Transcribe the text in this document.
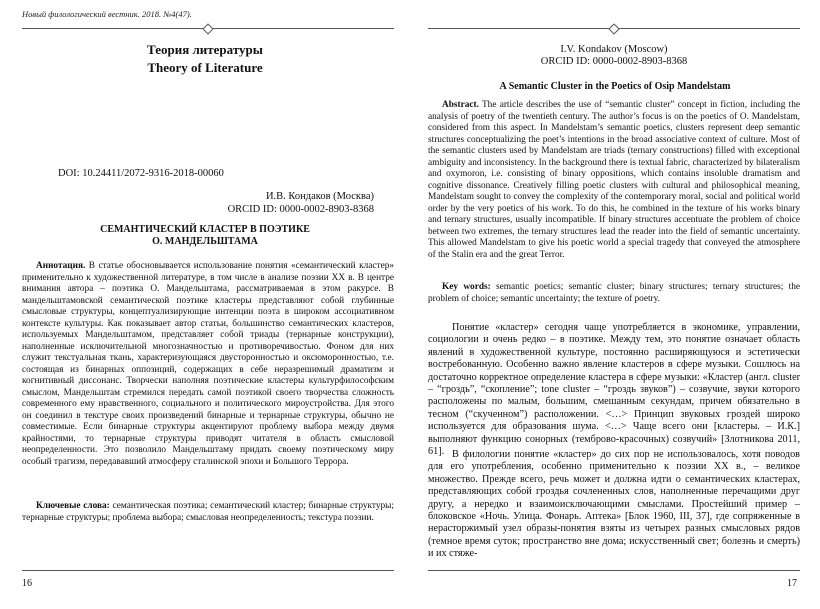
Новый филологический вестник. 2018. №4(47).
Теория литературы
Theory of Literature
DOI: 10.24411/2072-9316-2018-00060
И.В. Кондаков (Москва)
ORCID ID: 0000-0002-8903-8368
СЕМАНТИЧЕСКИЙ КЛАСТЕР В ПОЭТИКЕ
О. МАНДЕЛЬШТАМА
Аннотация. В статье обосновывается использование понятия «семантический кластер» применительно к художественной литературе, в том числе в анализе поэзии XX в. В центре внимания автора – поэтика О. Мандельштама, рассматриваемая в этом ракурсе. В мандельштамовской семантической поэтике кластеры представляют собой глубинные смысловые структуры, концептуализирующие интенции поэта в широком ассоциативном контексте культуры. Как показывает автор статьи, большинство семантических кластеров, используемых Мандельштамом, представляет собой триады (тернарные конструкции), наполненные исключительной многозначностью и противоречивостью. Фоном для них служит текстуальная ткань, характеризующаяся двусторонностью и оксюморонностью, т.е. состоящая из бинарных оппозиций, содержащих в себе неразрешимый драматизм и когнитивный диссонанс. Творчески наполняя поэтические кластеры культурфилософским смыслом, Мандельштам стремился передать самой поэтикой своего творчества сложность современного ему нравственного, социального и политического мироустройства. Для этого он соединил в текстуре своих произведений бинарные и тернарные структуры, обычно не совместимые. Если бинарные структуры акцентируют проблему выбора между двумя крайностями, то тернарные структуры приводят читателя в область смысловой неопределенности. Это позволило Мандельштаму придать своему поэтическому миру особый трагизм, передававший атмосферу сталинской эпохи и Большого Террора.
Ключевые слова: семантическая поэтика; семантический кластер; бинарные структуры; тернарные структуры; проблема выбора; смысловая неопределенность; текстура поэзии.
16
I.V. Kondakov (Moscow)
ORCID ID: 0000-0002-8903-8368
A Semantic Cluster in the Poetics of Osip Mandelstam
Abstract. The article describes the use of “semantic cluster” concept in fiction, including the analysis of poetry of the twentieth century. The author’s focus is on the poetics of O. Mandelstam, considered from this aspect. In Mandelstam’s semantic poetics, clusters represent deep semantic structures conceptualizing the poet’s intentions in the broad associative context of culture. Most of the semantic clusters used by Mandelstam are triads (ternary constructions) filled with exceptional ambiguity and inconsistency. In the background there is textual fabric, characterized by bilateralism and oxymoron, i.e. consisting of binary oppositions, which contains insoluble dramatism and cognitive dissonance. Creatively filling poetic clusters with cultural and philosophical meaning, Mandelstam sought to convey the complexity of the contemporary moral, social and political world order by the very poetics of his work. To do this, he combined in the texture of his works binary and ternary structures, usually incompatible. If binary structures accentuate the problem of choice between two extremes, the ternary structures lead the reader into the field of semantic uncertainty. This allowed Mandelstam to give his poetic world a special tragedy that conveyed the atmosphere of the Stalin era and the great Terror.
Key words: semantic poetics; semantic cluster; binary structures; ternary structures; the problem of choice; semantic uncertainty; the texture of poetry.
Понятие «кластер» сегодня чаще употребляется в экономике, управлении, социологии и очень редко – в поэтике. Между тем, это понятие означает область явлений в художественной культуре, постоянно расширяющуюся и эстетически востребованную. Особенно важно явление кластеров в сфере музыки. Сошлюсь на достаточно корректное определение кластера в сфере музыки: «Кластер (англ. cluster – “гроздь”, “скопление”; tone cluster – “гроздь звуков”) – созвучие, звуки которого расположены по малым, большим, смешанным секундам, причем обязательно в тесном (“скученном”) расположении. <…> Принцип звуковых гроздей широко используется для образования шума. <…> Чаще всего они [кластеры. – И.К.] выполняют функцию сонорных (темброво-красочных) созвучий» [Злотникова 2011, 61]. В филологии понятие «кластер» до сих пор не использовалось, хотя поводов для его употребления, особенно применительно к поэзии XX в., – великое множество. Прежде всего, речь может и должна идти о семантических кластерах, представляющих собой гроздья сочлененных слов, наполненные перечащими друг другу, а нередко и взаимоисключающими смыслами. Простейший пример – блоковское «Ночь. Улица. Фонарь. Аптека» [Блок 1960, III, 37], где сопряженные в нерасторжимый узел образы-понятия взяты из четырех разных смысловых рядов (темное время суток; пространство вне дома; искусственный свет; болезнь и смерть) и их стяже-
17
